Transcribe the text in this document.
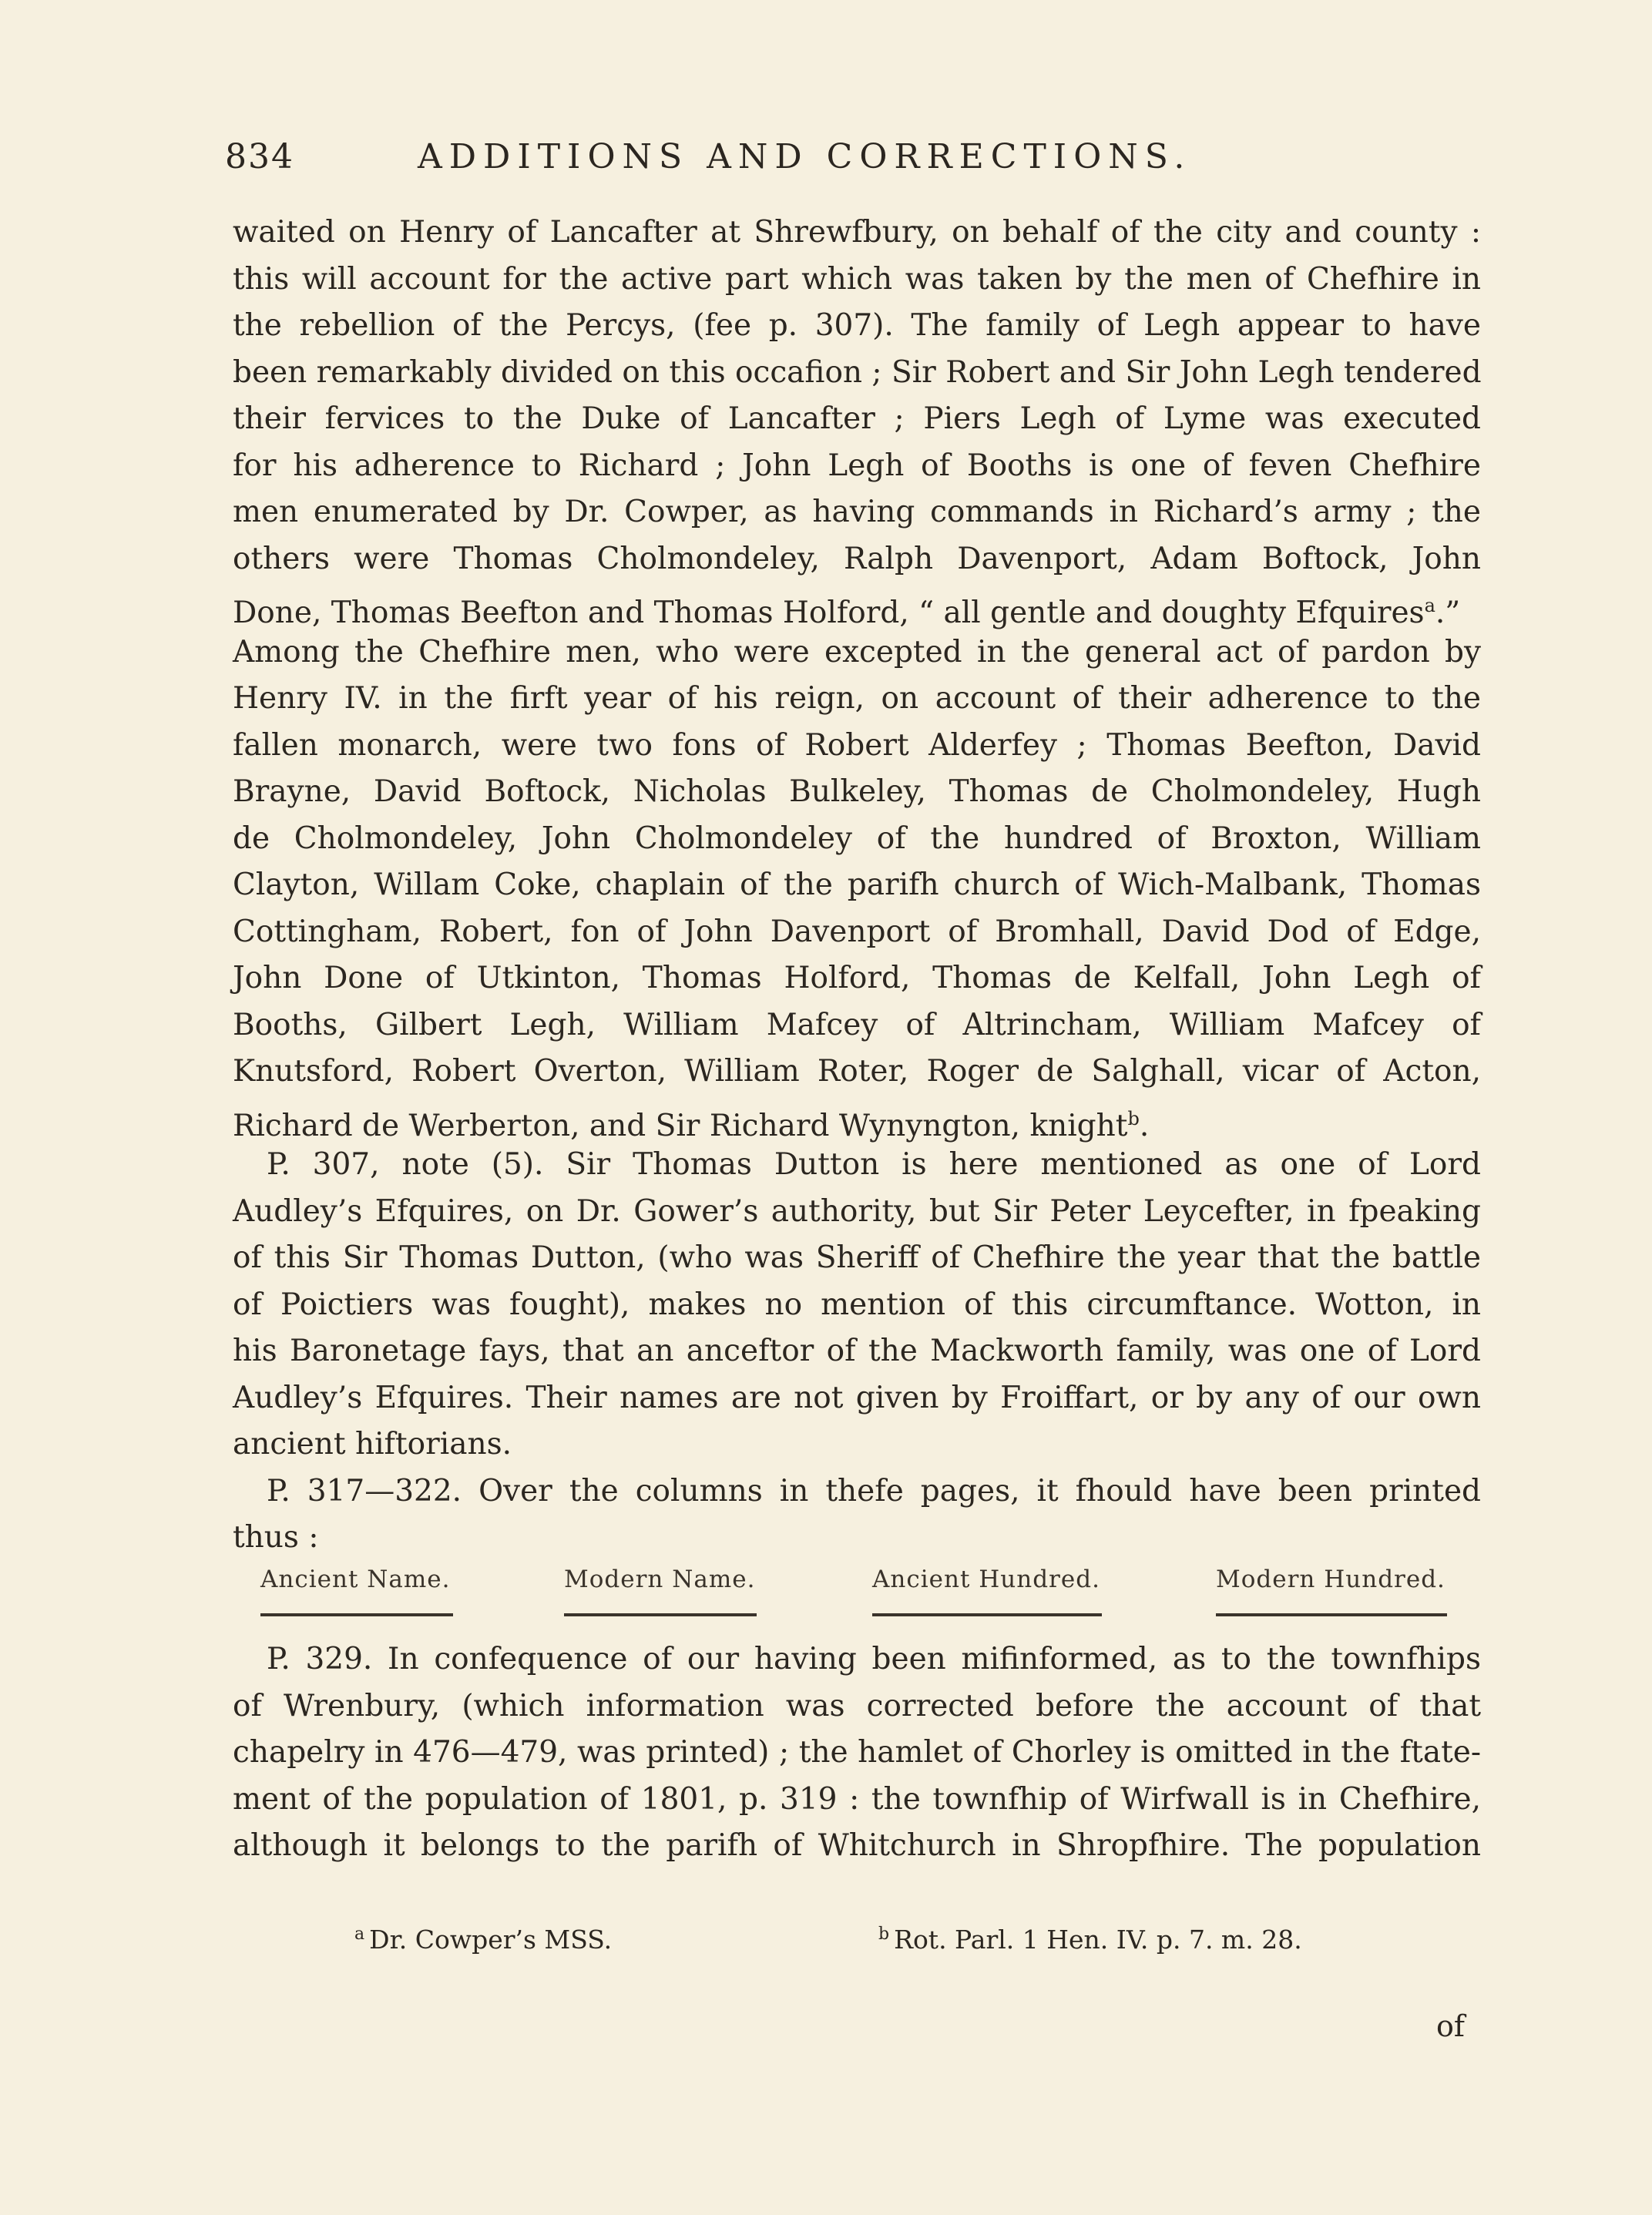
834	ADDITIONS AND CORRECTIONS.
waited on Henry of Lancafter at Shrewfbury, on behalf of the city and county :
this will account for the active part which was taken by the men of Chefhire in
the rebellion of the Percys, (fee p. 307). The family of Legh appear to have
been remarkably divided on this occafion ; Sir Robert and Sir John Legh tendered
their fervices to the Duke of Lancafter ; Piers Legh of Lyme was executed
for his adherence to Richard ; John Legh of Booths is one of feven Chefhire
men enumerated by Dr. Cowper, as having commands in Richard’s army ; the
others were Thomas Cholmondeley, Ralph Davenport, Adam Boftock, John
Done, Thomas Beefton and Thomas Holford, “ all gentle and doughty Efquires$^a$.”
Among the Chefhire men, who were excepted in the general act of pardon by
Henry IV. in the firft year of his reign, on account of their adherence to the
fallen monarch, were two fons of Robert Alderfey ; Thomas Beefton, David
Brayne, David Boftock, Nicholas Bulkeley, Thomas de Cholmondeley, Hugh
de Cholmondeley, John Cholmondeley of the hundred of Broxton, William
Clayton, Willam Coke, chaplain of the parifh church of Wich-Malbank, Thomas
Cottingham, Robert, fon of John Davenport of Bromhall, David Dod of Edge,
John Done of Utkinton, Thomas Holford, Thomas de Kelfall, John Legh of
Booths, Gilbert Legh, William Mafcey of Altrincham, William Mafcey of
Knutsford, Robert Overton, William Roter, Roger de Salghall, vicar of Acton,
Richard de Werberton, and Sir Richard Wynyngton, knight$^b$.
P. 307, note (5). Sir Thomas Dutton is here mentioned as one of Lord
Audley’s Efquires, on Dr. Gower’s authority, but Sir Peter Leycefter, in fpeaking
of this Sir Thomas Dutton, (who was Sheriff of Chefhire the year that the battle
of Poictiers was fought), makes no mention of this circumftance. Wotton, in
his Baronetage fays, that an anceftor of the Mackworth family, was one of Lord
Audley’s Efquires. Their names are not given by Froiffart, or by any of our own
ancient hiftorians.
P. 317—322. Over the columns in thefe pages, it fhould have been printed
thus :
Ancient Name.	Modern Name.	Ancient Hundred.	Modern Hundred.
P. 329. In confequence of our having been mifinformed, as to the townfhips
of Wrenbury, (which information was corrected before the account of that
chapelry in 476—479, was printed) ; the hamlet of Chorley is omitted in the ftate-
ment of the population of 1801, p. 319 : the townfhip of Wirfwall is in Chefhire,
although it belongs to the parifh of Whitchurch in Shropfhire. The population
$^a$ Dr. Cowper’s MSS.	$^b$ Rot. Parl. 1 Hen. IV. p. 7. m. 28.
of
